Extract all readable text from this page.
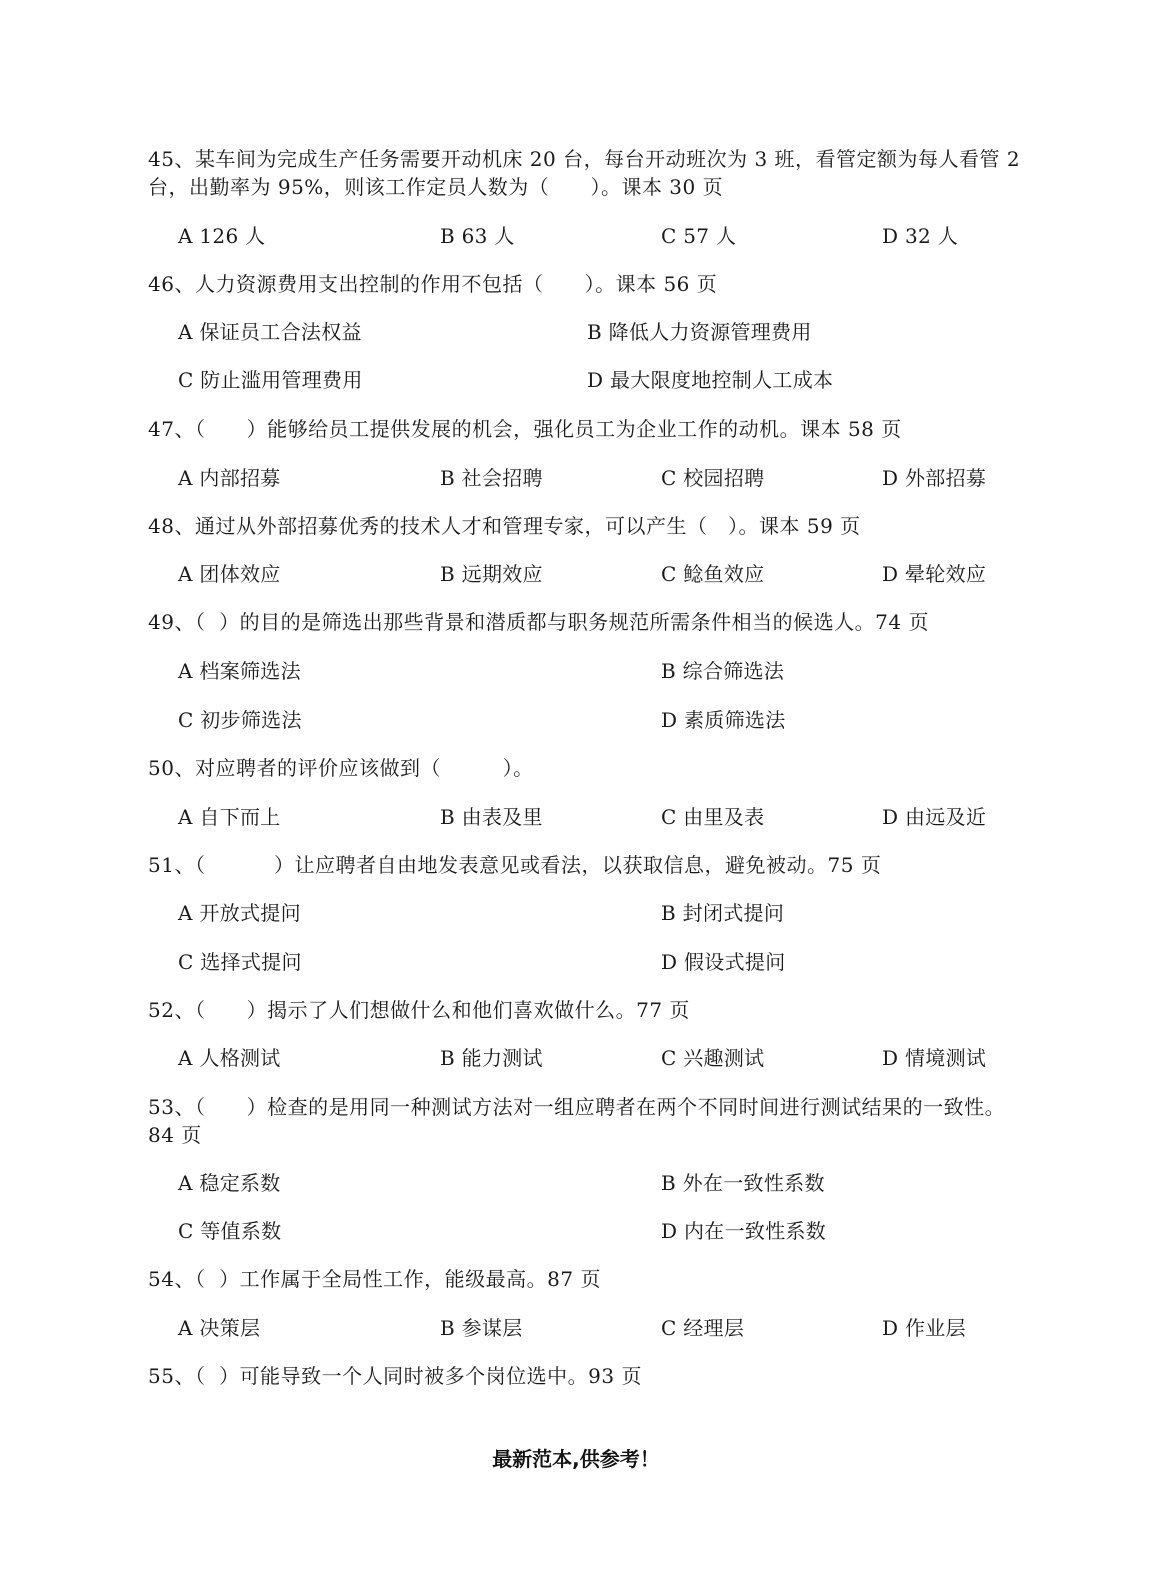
45、某车间为完成生产任务需要开动机床 20 台，每台开动班次为 3 班，看管定额为每人看管 2 台，出勤率为 95%，则该工作定员人数为（      ）。课本 30 页

A 126 人	B 63 人	C 57 人	D 32 人

46、人力资源费用支出控制的作用不包括（      ）。课本 56 页

A 保证员工合法权益	B 降低人力资源管理费用
C 防止滥用管理费用	D 最大限度地控制人工成本

47、（      ）能够给员工提供发展的机会，强化员工为企业工作的动机。课本 58 页

A 内部招募	B 社会招聘	C 校园招聘	D 外部招募

48、通过从外部招募优秀的技术人才和管理专家，可以产生（   ）。课本 59 页

A 团体效应	B 远期效应	C 鲶鱼效应	D 晕轮效应

49、（  ）的目的是筛选出那些背景和潜质都与职务规范所需条件相当的候选人。74 页

A 档案筛选法	B 综合筛选法
C 初步筛选法	D 素质筛选法

50、对应聘者的评价应该做到（         ）。

A 自下而上	B 由表及里	C 由里及表	D 由远及近

51、（          ）让应聘者自由地发表意见或看法，以获取信息，避免被动。75 页

A 开放式提问	B 封闭式提问
C 选择式提问	D 假设式提问

52、（      ）揭示了人们想做什么和他们喜欢做什么。77 页

A 人格测试	B 能力测试	C 兴趣测试	D 情境测试

53、（      ）检查的是用同一种测试方法对一组应聘者在两个不同时间进行测试结果的一致性。84 页

A 稳定系数	B 外在一致性系数
C 等值系数	D 内在一致性系数

54、（  ）工作属于全局性工作，能级最高。87 页

A 决策层	B 参谋层	C 经理层	D 作业层

55、（  ）可能导致一个人同时被多个岗位选中。93 页

最新范本,供参考！
